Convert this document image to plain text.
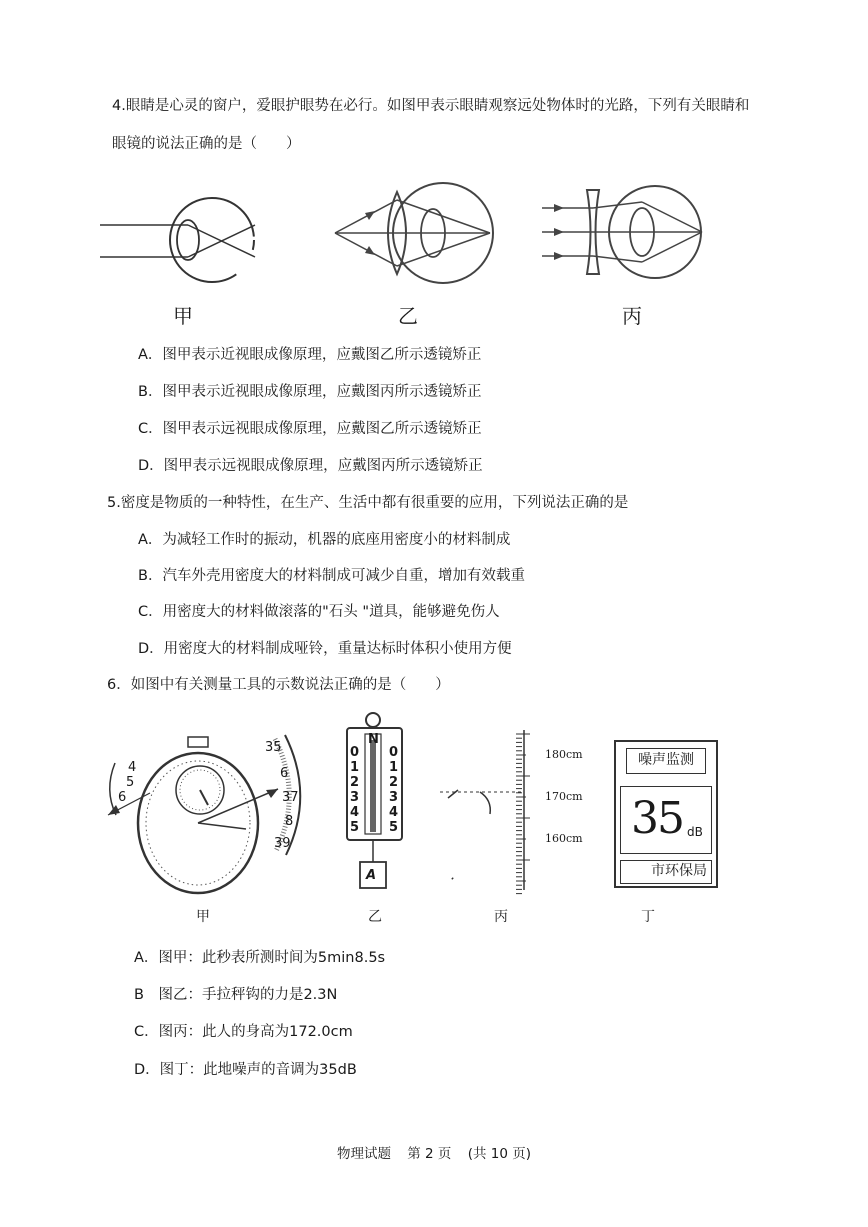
4.眼睛是心灵的窗户，爱眼护眼势在必行。如图甲表示眼睛观察远处物体时的光路，下列有关眼睛和
眼镜的说法正确的是（　　）
甲	乙	丙
A．图甲表示近视眼成像原理，应戴图乙所示透镜矫正
B．图甲表示近视眼成像原理，应戴图丙所示透镜矫正
C．图甲表示远视眼成像原理，应戴图乙所示透镜矫正
D．图甲表示远视眼成像原理，应戴图丙所示透镜矫正
5.密度是物质的一种特性，在生产、生活中都有很重要的应用，下列说法正确的是
A．为减轻工作时的振动，机器的底座用密度小的材料制成
B．汽车外壳用密度大的材料制成可减少自重，增加有效载重
C．用密度大的材料做滚落的"石头 "道具，能够避免伤人
D．用密度大的材料制成哑铃，重量达标时体积小使用方便
6．如图中有关测量工具的示数说法正确的是（　　）
35
6
37
8
39
4
5
6
甲
N
0
1
2
3
4
5
0
1
2
3
4
5
A
乙
180cm
170cm
160cm
丙
噪声监测
35 dB
市环保局
丁
A．图甲：此秒表所测时间为5min8.5s
B　图乙：手拉秤钩的力是2.3N
C．图丙：此人的身高为172.0cm
D．图丁：此地噪声的音调为35dB
物理试题 第 2 页 (共 10 页)
